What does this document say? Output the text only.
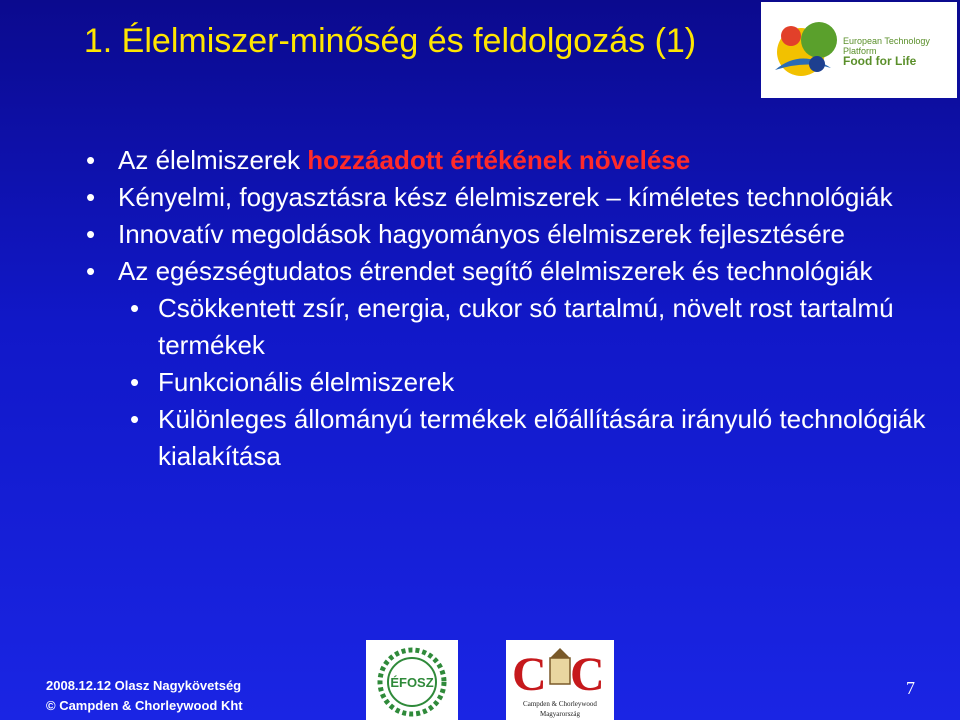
1. Élelmiszer-minőség és feldolgozás (1)	European Technology Platform
Food for Life
• Az élelmiszerek hozzáadott értékének növelése
• Kényelmi, fogyasztásra kész élelmiszerek – kíméletes technológiák
• Innovatív megoldások hagyományos élelmiszerek fejlesztésére
• Az egészségtudatos étrendet segítő élelmiszerek és technológiák
• Csökkentett zsír, energia, cukor só tartalmú, növelt rost tartalmú termékek
• Funkcionális élelmiszerek
• Különleges állományú termékek előállítására irányuló technológiák kialakítása
ÉFOSZ C C
Campden & Chorleywood
Magyarország
2008.12.12 Olasz Nagykövetség
© Campden & Chorleywood Kht
7
